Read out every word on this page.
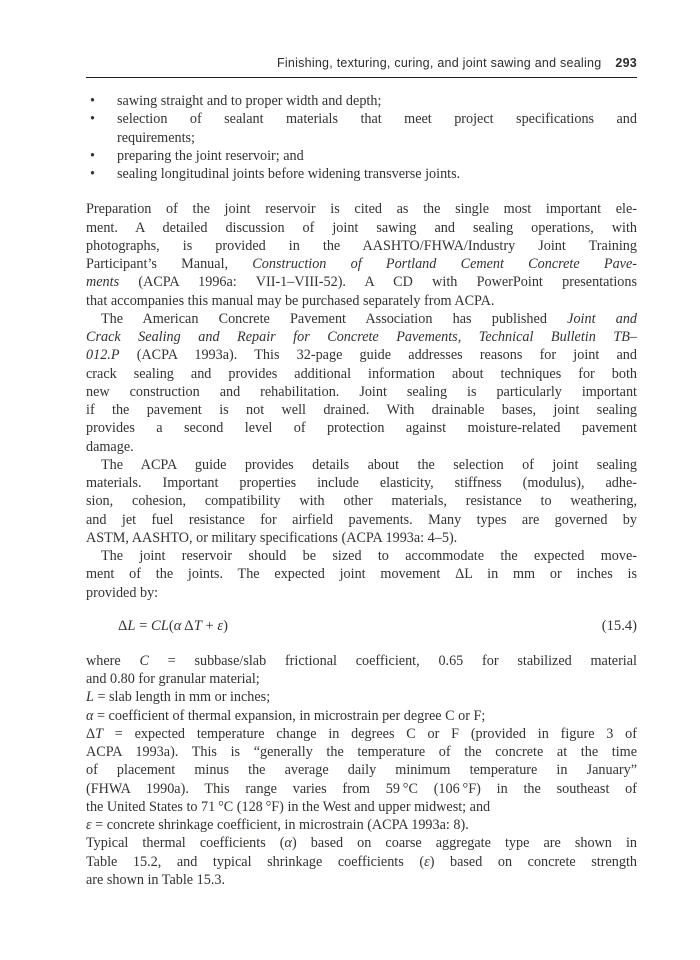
Finishing, texturing, curing, and joint sawing and sealing 293
•	sawing straight and to proper width and depth;
•	selection of sealant materials that meet project specifications and
requirements;
•	preparing the joint reservoir; and
•	sealing longitudinal joints before widening transverse joints.
Preparation of the joint reservoir is cited as the single most important ele-
ment. A detailed discussion of joint sawing and sealing operations, with
photographs, is provided in the AASHTO/FHWA/Industry Joint Training
Participant’s Manual, Construction of Portland Cement Concrete Pave-
ments (ACPA 1996a: VII-1–VIII-52). A CD with PowerPoint presentations
that accompanies this manual may be purchased separately from ACPA.
The American Concrete Pavement Association has published Joint and
Crack Sealing and Repair for Concrete Pavements, Technical Bulletin TB–
012.P (ACPA 1993a). This 32-page guide addresses reasons for joint and
crack sealing and provides additional information about techniques for both
new construction and rehabilitation. Joint sealing is particularly important
if the pavement is not well drained. With drainable bases, joint sealing
provides a second level of protection against moisture-related pavement
damage.
The ACPA guide provides details about the selection of joint sealing
materials. Important properties include elasticity, stiffness (modulus), adhe-
sion, cohesion, compatibility with other materials, resistance to weathering,
and jet fuel resistance for airfield pavements. Many types are governed by
ASTM, AASHTO, or military specifications (ACPA 1993a: 4–5).
The joint reservoir should be sized to accommodate the expected move-
ment of the joints. The expected joint movement ΔL in mm or inches is
provided by:
ΔL = CL(α ΔT + ε)	(15.4)
where C = subbase/slab frictional coefficient, 0.65 for stabilized material
and 0.80 for granular material;
L = slab length in mm or inches;
α = coefficient of thermal expansion, in microstrain per degree C or F;
ΔT = expected temperature change in degrees C or F (provided in figure 3 of
ACPA 1993a). This is “generally the temperature of the concrete at the time
of placement minus the average daily minimum temperature in January”
(FHWA 1990a). This range varies from 59 °C (106 °F) in the southeast of
the United States to 71 °C (128 °F) in the West and upper midwest; and
ε = concrete shrinkage coefficient, in microstrain (ACPA 1993a: 8).
Typical thermal coefficients (α) based on coarse aggregate type are shown in
Table 15.2, and typical shrinkage coefficients (ε) based on concrete strength
are shown in Table 15.3.
